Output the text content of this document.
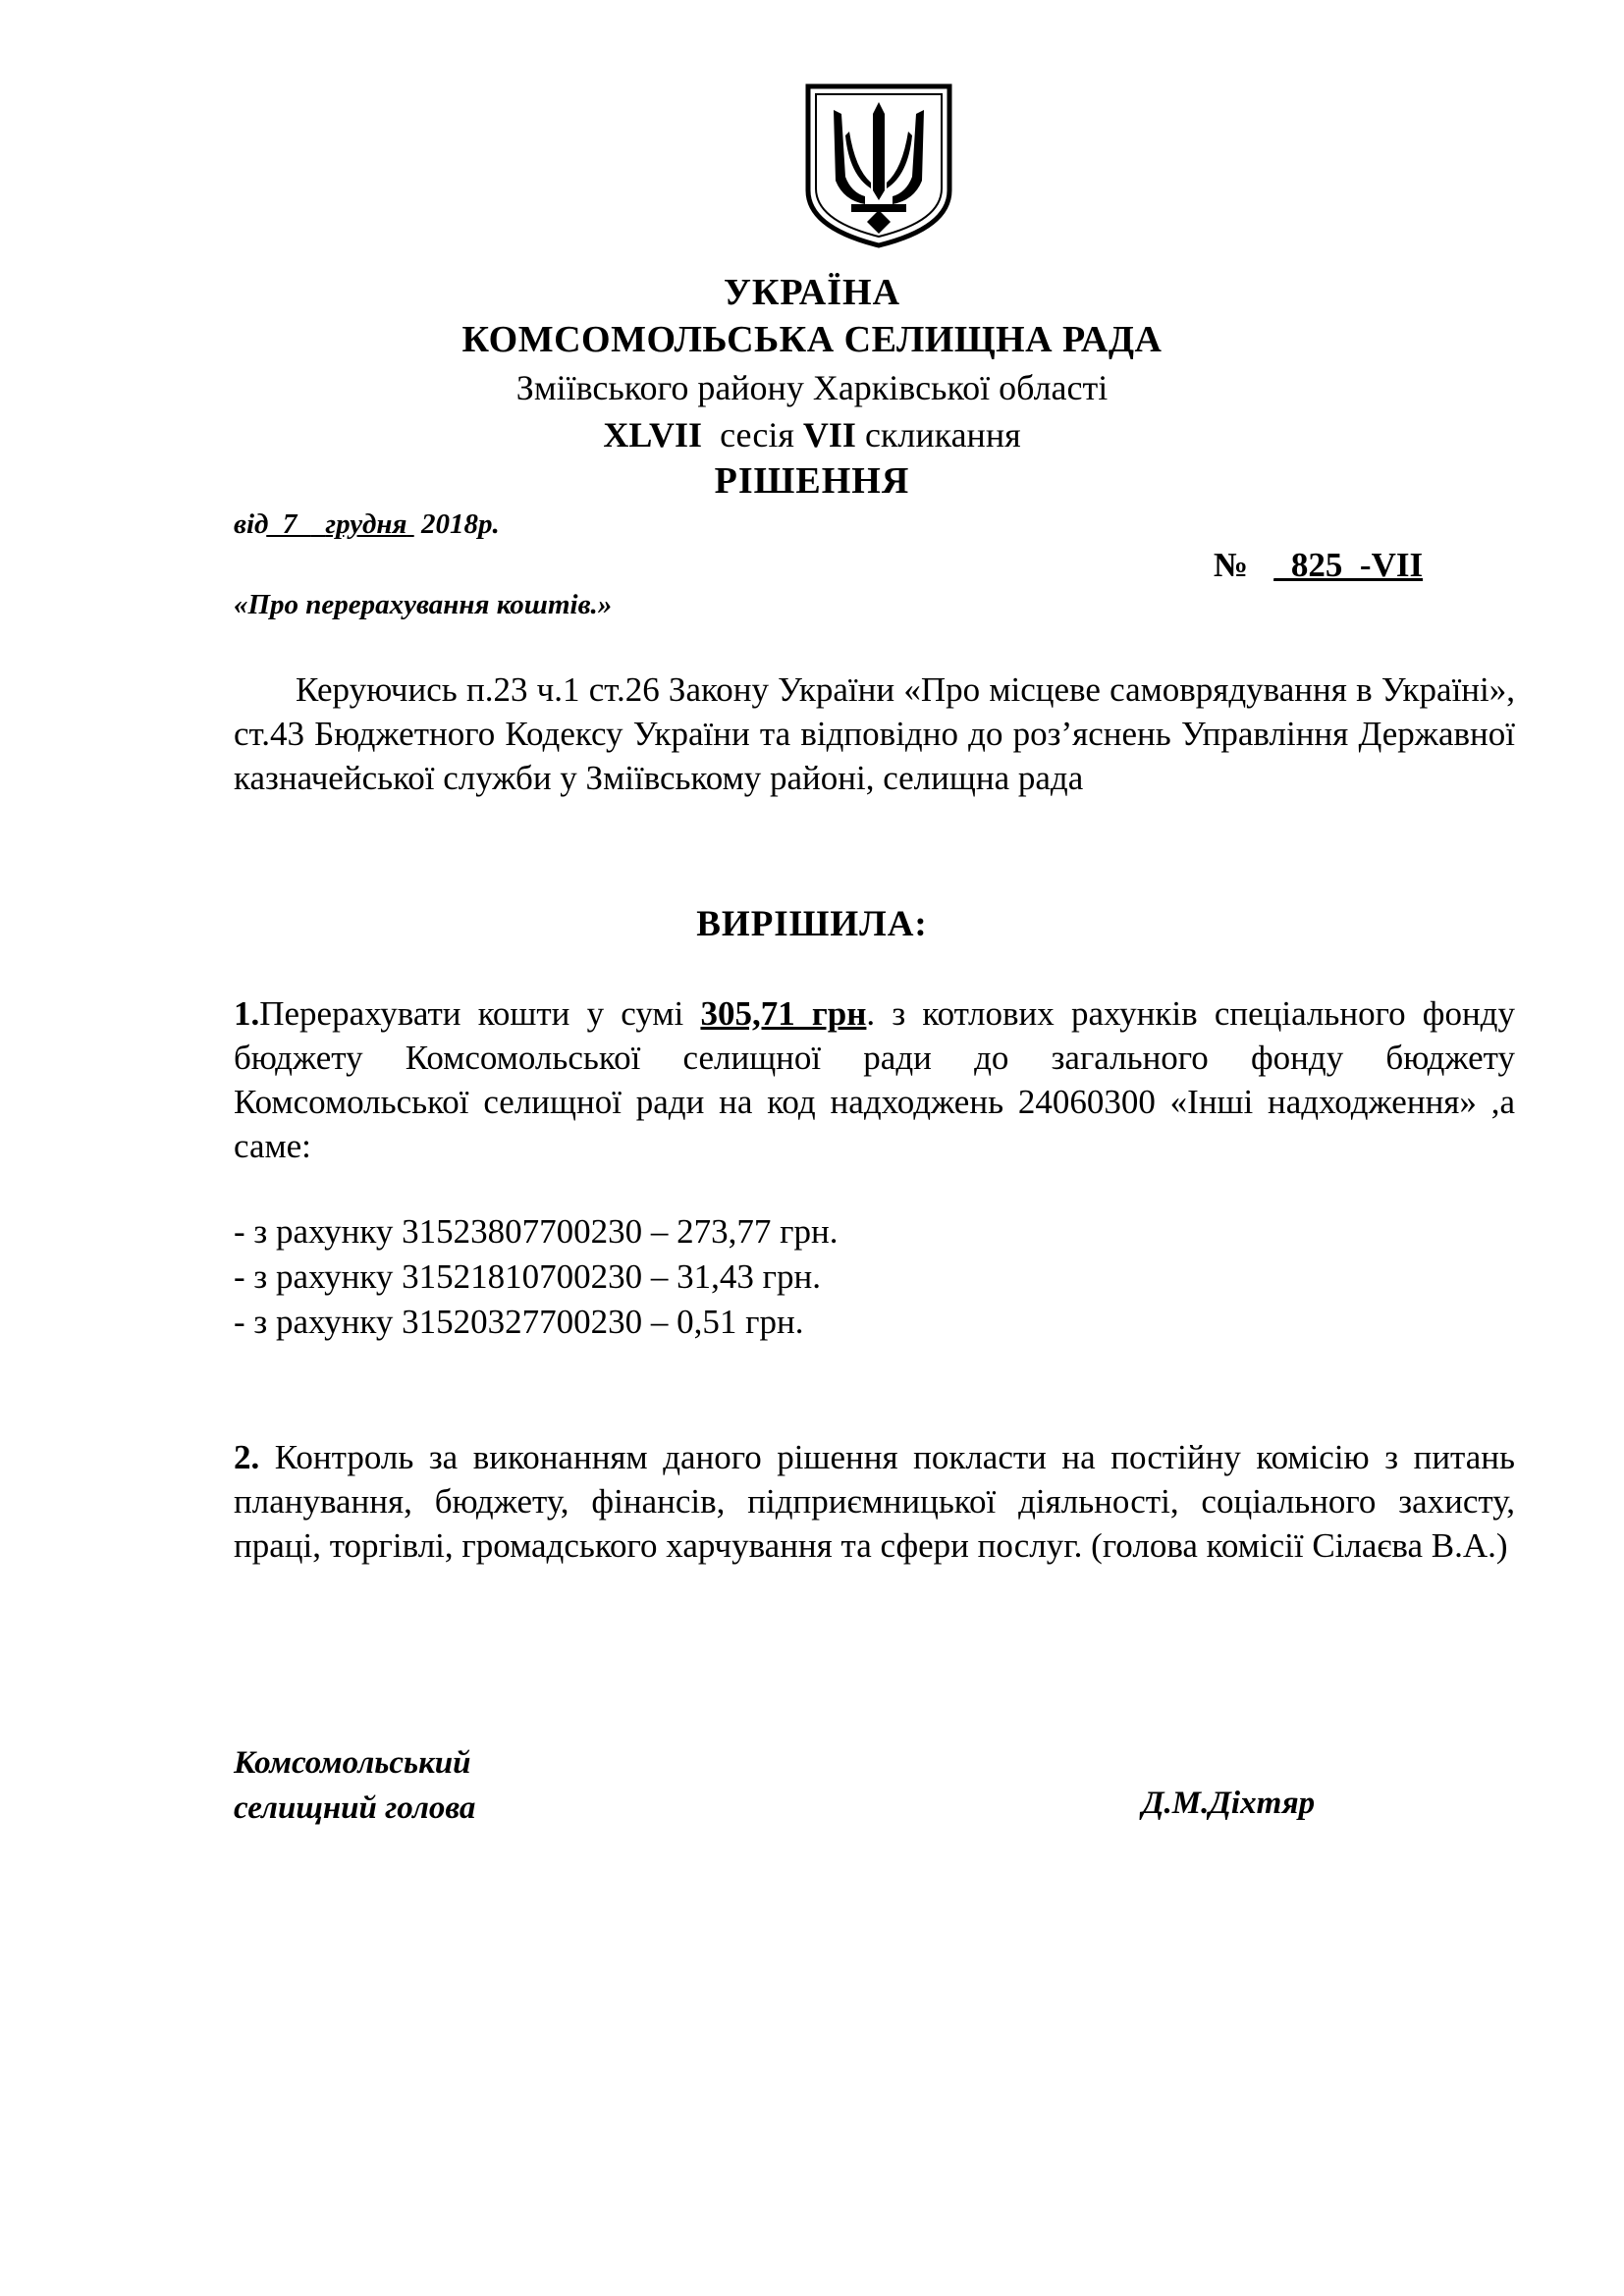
УКРАЇНА
КОМСОМОЛЬСЬКА СЕЛИЩНА РАДА
Зміївського району Харківської області
XLVII сесія VII скликання
РІШЕННЯ
від_7_ грудня 2018р.
№ _825_-VII
«Про перерахування коштів.»
Керуючись п.23 ч.1 ст.26 Закону України «Про місцеве самоврядування в Україні», ст.43 Бюджетного Кодексу України та відповідно до роз’яснень Управління Державної казначейської служби у Зміївському районі, селищна рада
ВИРІШИЛА:
1.Перерахувати кошти у сумі 305,71 грн. з котлових рахунків спеціального фонду бюджету Комсомольської селищної ради до загального фонду бюджету Комсомольської селищної ради на код надходжень 24060300 «Інші надходження» ,а саме:
- з рахунку 31523807700230 – 273,77 грн.
- з рахунку 31521810700230 – 31,43 грн.
- з рахунку 31520327700230 – 0,51 грн.
2. Контроль за виконанням даного рішення покласти на постійну комісію з питань планування, бюджету, фінансів, підприємницької діяльності, соціального захисту, праці, торгівлі, громадського харчування та сфери послуг. (голова комісії Сілаєва В.А.)
Комсомольський
селищний голова	Д.М.Діхтяр
